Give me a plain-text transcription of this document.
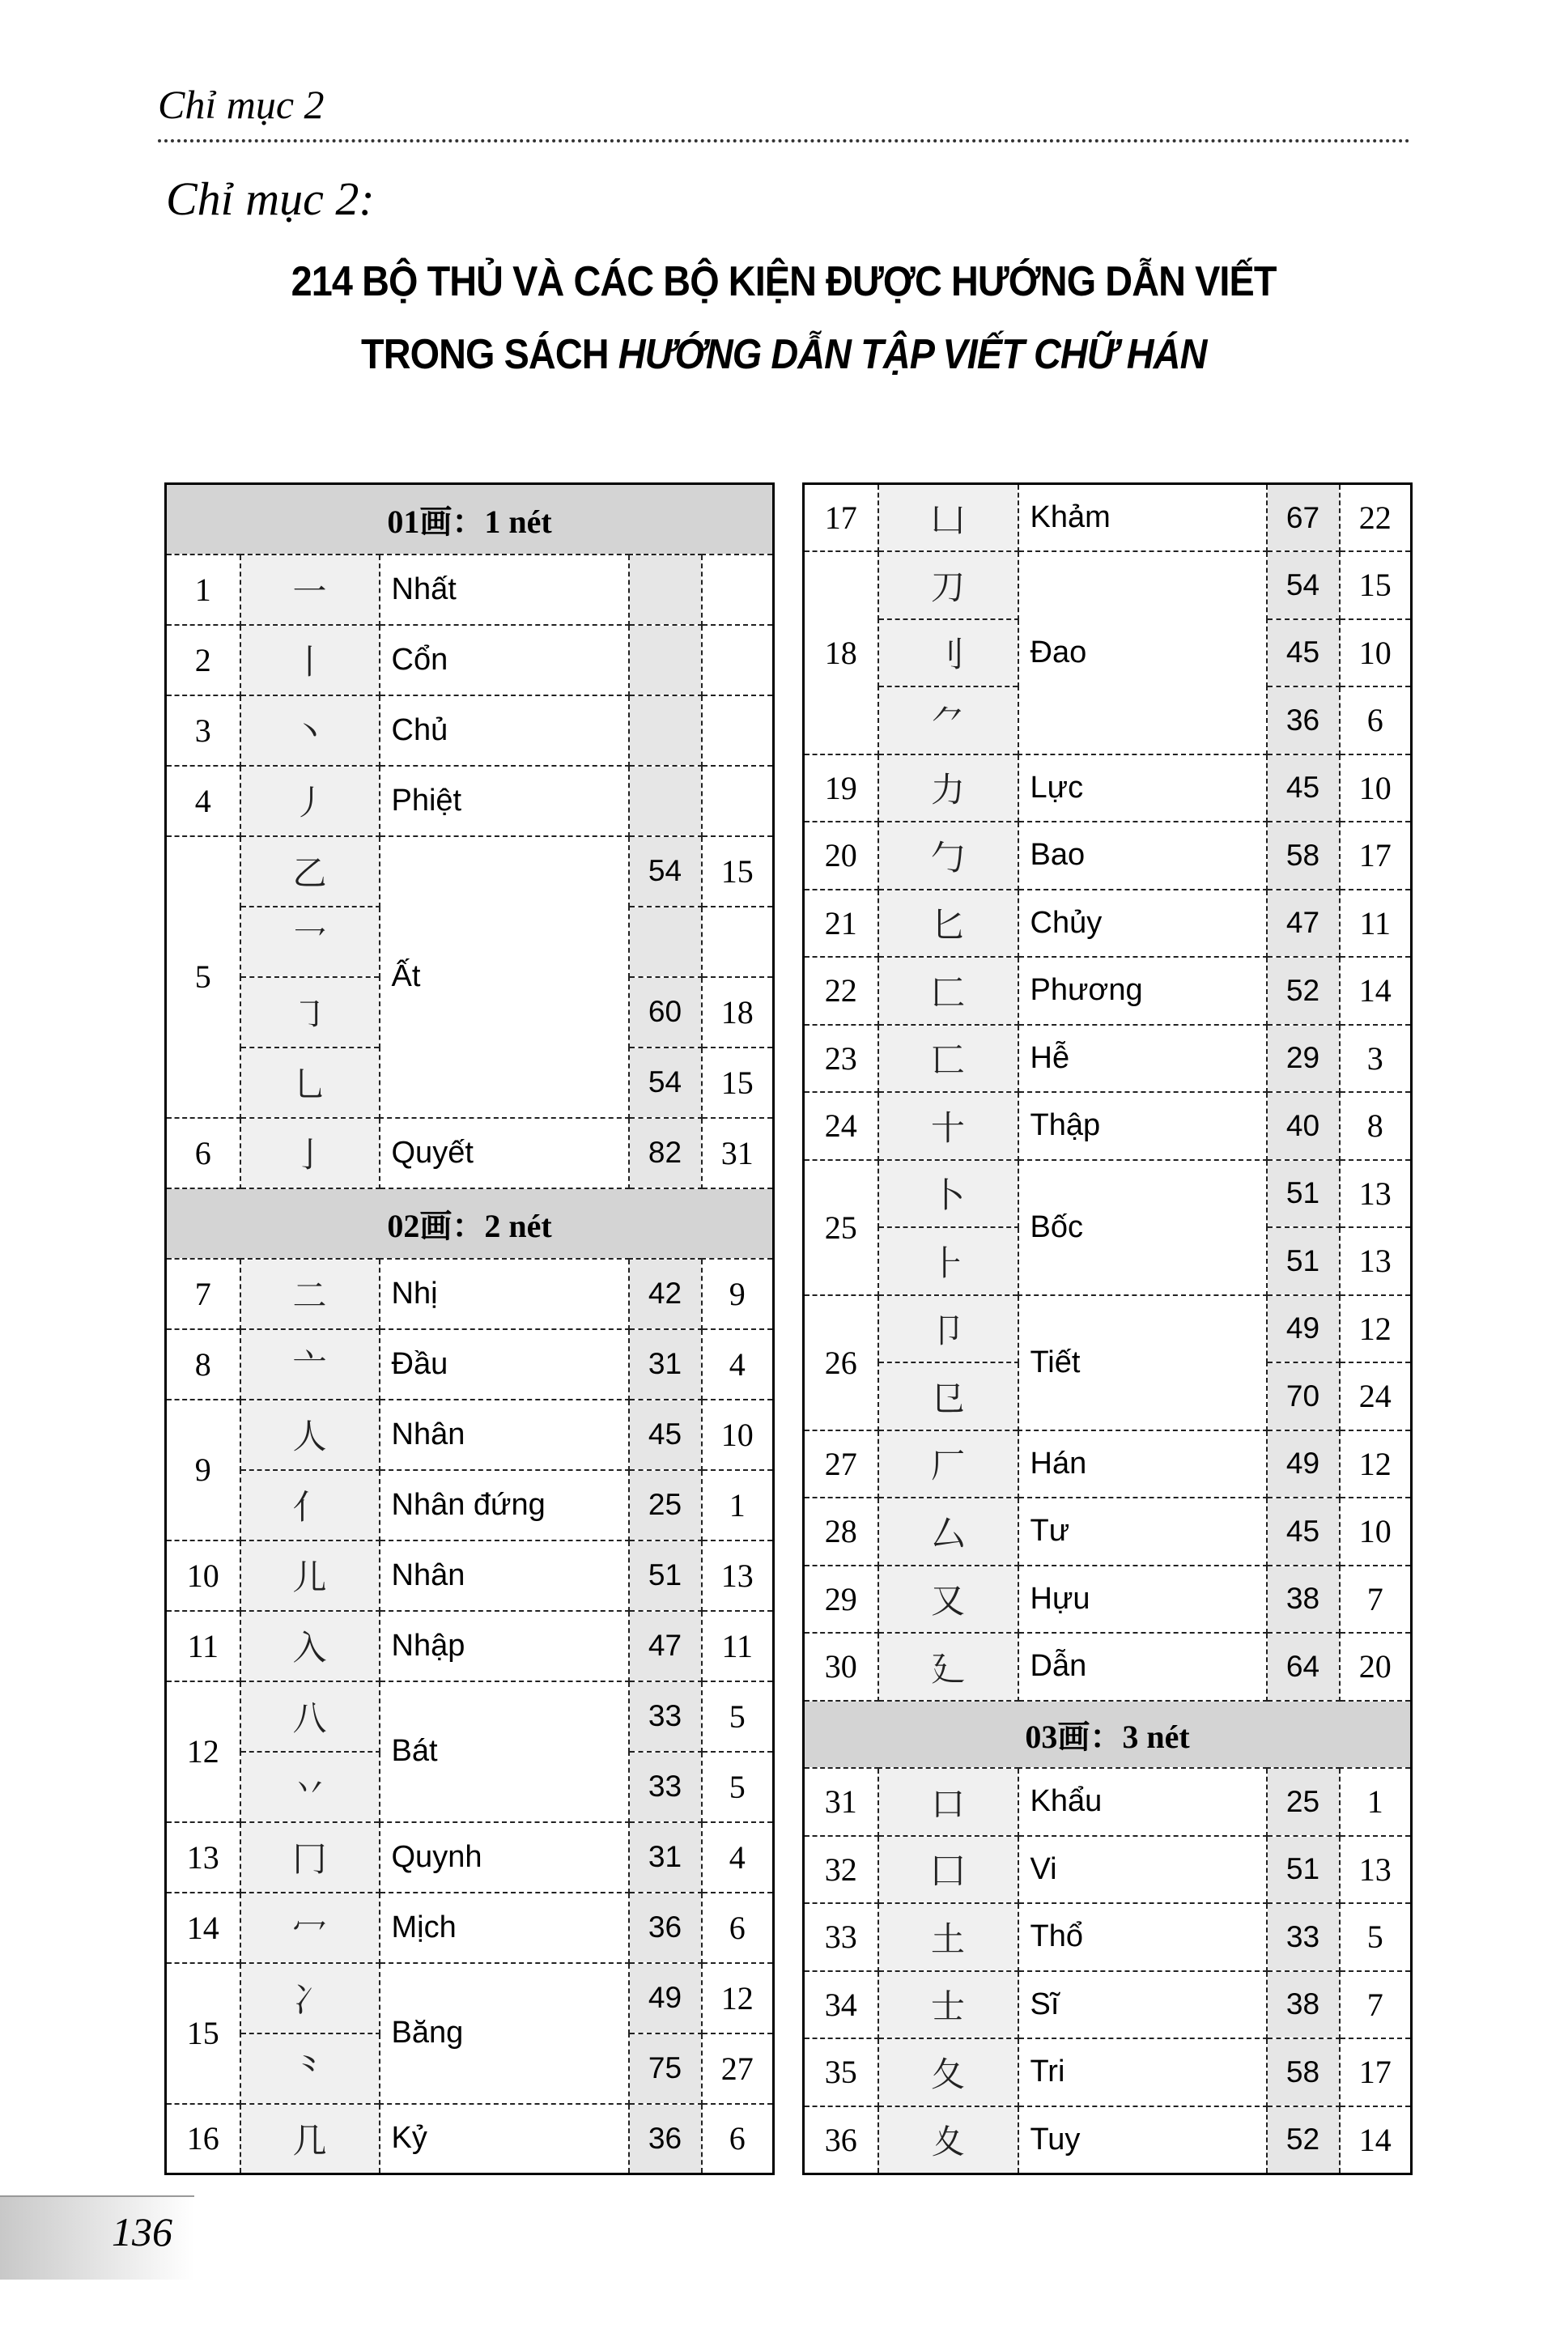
Chỉ mục 2
Chỉ mục 2:
214 BỘ THỦ VÀ CÁC BỘ KIỆN ĐƯỢC HƯỚNG DẪN VIẾT
TRONG SÁCH HƯỚNG DẪN TẬP VIẾT CHỮ HÁN
01画：1 nét				
1	一	Nhất		
2	丨	Cổn		
3	丶	Chủ		
4	丿	Phiệt		
5	乙	Ất	54	15
	乛			
	㇆		60	18
	乚		54	15
6	亅	Quyết	82	31
02画：2 nét				
7	二	Nhị	42	9
8	亠	Đầu	31	4
9	人	Nhân	45	10
	亻	Nhân đứng	25	1
10	儿	Nhân	51	13
11	入	Nhập	47	11
12	八	Bát	33	5
	丷		33	5
13	冂	Quynh	31	4
14	冖	Mịch	36	6
15	冫	Băng	49	12
	⺀		75	27
16	几	Kỷ	36	6
17	凵	Khảm	67	22
18	刀	Đao	54	15
	刂		45	10
	⺈		36	6
19	力	Lực	45	10
20	勹	Bao	58	17
21	匕	Chủy	47	11
22	匚	Phương	52	14
23	匸	Hễ	29	3
24	十	Thập	40	8
25	卜	Bốc	51	13
	⺊		51	13
26	卩	Tiết	49	12
	㔾		70	24
27	厂	Hán	49	12
28	厶	Tư	45	10
29	又	Hựu	38	7
30	廴	Dẫn	64	20
03画：3 nét				
31	口	Khẩu	25	1
32	囗	Vi	51	13
33	土	Thổ	33	5
34	士	Sĩ	38	7
35	夂	Tri	58	17
36	夊	Tuy	52	14
136
